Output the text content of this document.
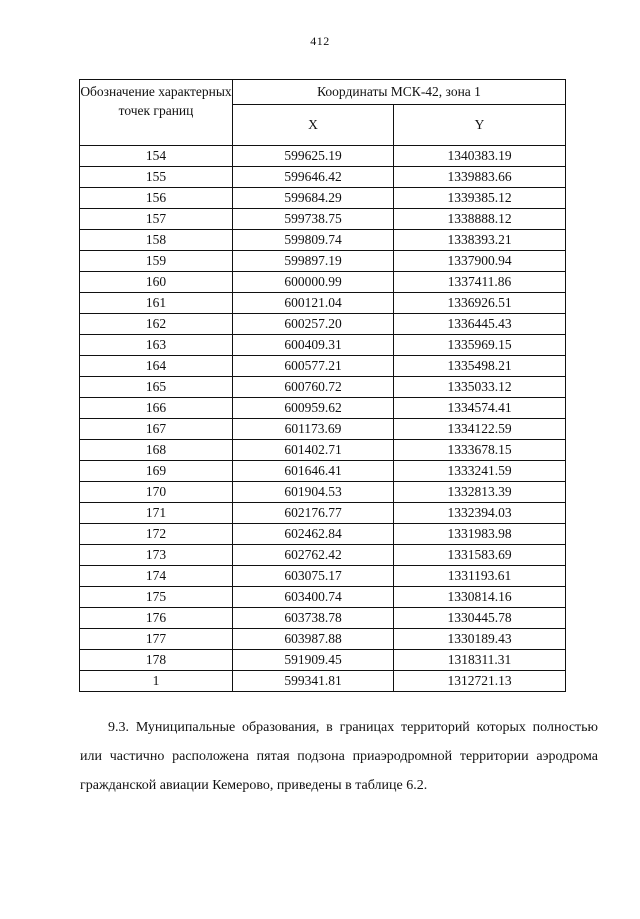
412
Обозначение характерных точек границ	Координаты МСК-42, зона 1	
	X	Y
154	599625.19	1340383.19
155	599646.42	1339883.66
156	599684.29	1339385.12
157	599738.75	1338888.12
158	599809.74	1338393.21
159	599897.19	1337900.94
160	600000.99	1337411.86
161	600121.04	1336926.51
162	600257.20	1336445.43
163	600409.31	1335969.15
164	600577.21	1335498.21
165	600760.72	1335033.12
166	600959.62	1334574.41
167	601173.69	1334122.59
168	601402.71	1333678.15
169	601646.41	1333241.59
170	601904.53	1332813.39
171	602176.77	1332394.03
172	602462.84	1331983.98
173	602762.42	1331583.69
174	603075.17	1331193.61
175	603400.74	1330814.16
176	603738.78	1330445.78
177	603987.88	1330189.43
178	591909.45	1318311.31
1	599341.81	1312721.13
9.3. Муниципальные образования, в границах территорий которых полностью или частично расположена пятая подзона приаэродромной территории аэродрома гражданской авиации Кемерово, приведены в таблице 6.2.
